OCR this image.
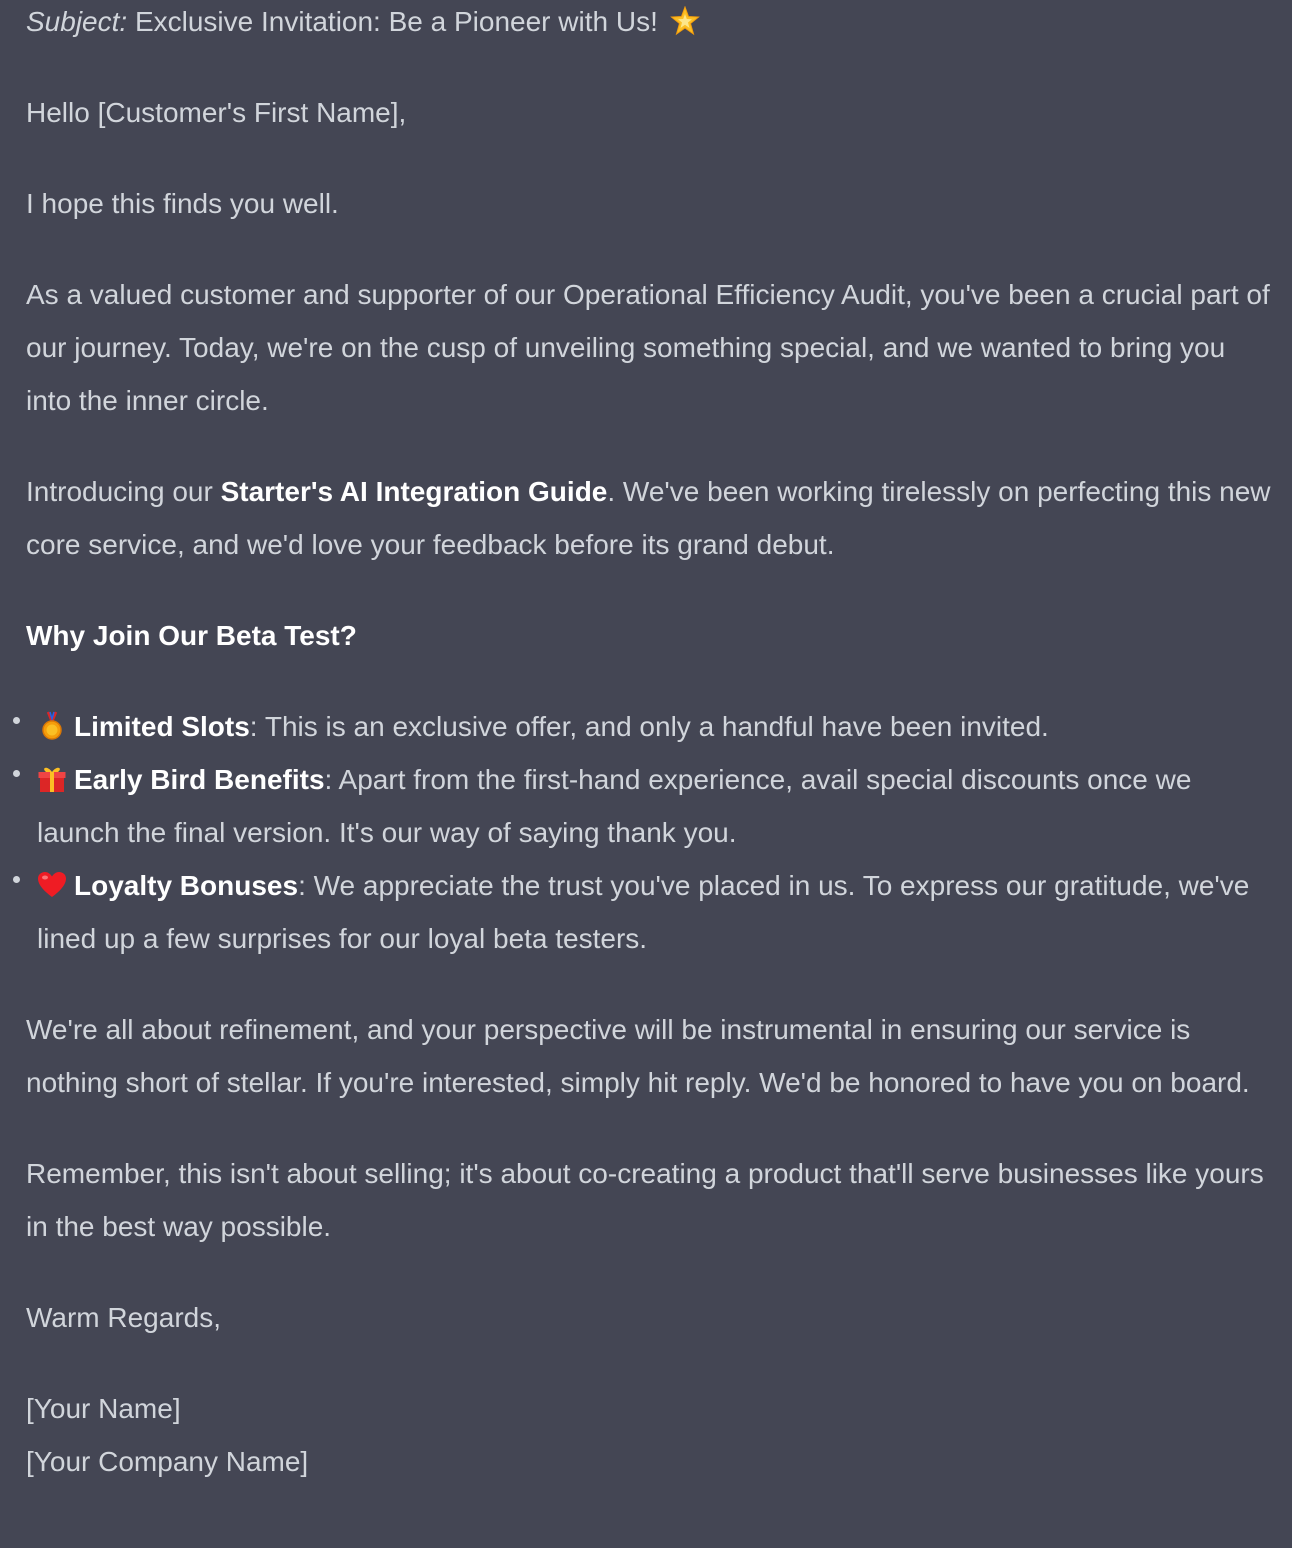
Subject: Exclusive Invitation: Be a Pioneer with Us!

Hello [Customer's First Name],

I hope this finds you well.

As a valued customer and supporter of our Operational Efficiency Audit, you've been a crucial part of our journey. Today, we're on the cusp of unveiling something special, and we wanted to bring you into the inner circle.

Introducing our Starter's AI Integration Guide. We've been working tirelessly on perfecting this new core service, and we'd love your feedback before its grand debut.

Why Join Our Beta Test?
Limited Slots: This is an exclusive offer, and only a handful have been invited.
Early Bird Benefits: Apart from the first-hand experience, avail special discounts once we launch the final version. It's our way of saying thank you.
Loyalty Bonuses: We appreciate the trust you've placed in us. To express our gratitude, we've lined up a few surprises for our loyal beta testers.

We're all about refinement, and your perspective will be instrumental in ensuring our service is nothing short of stellar. If you're interested, simply hit reply. We'd be honored to have you on board.

Remember, this isn't about selling; it's about co-creating a product that'll serve businesses like yours in the best way possible.

Warm Regards,

[Your Name]

[Your Company Name]
